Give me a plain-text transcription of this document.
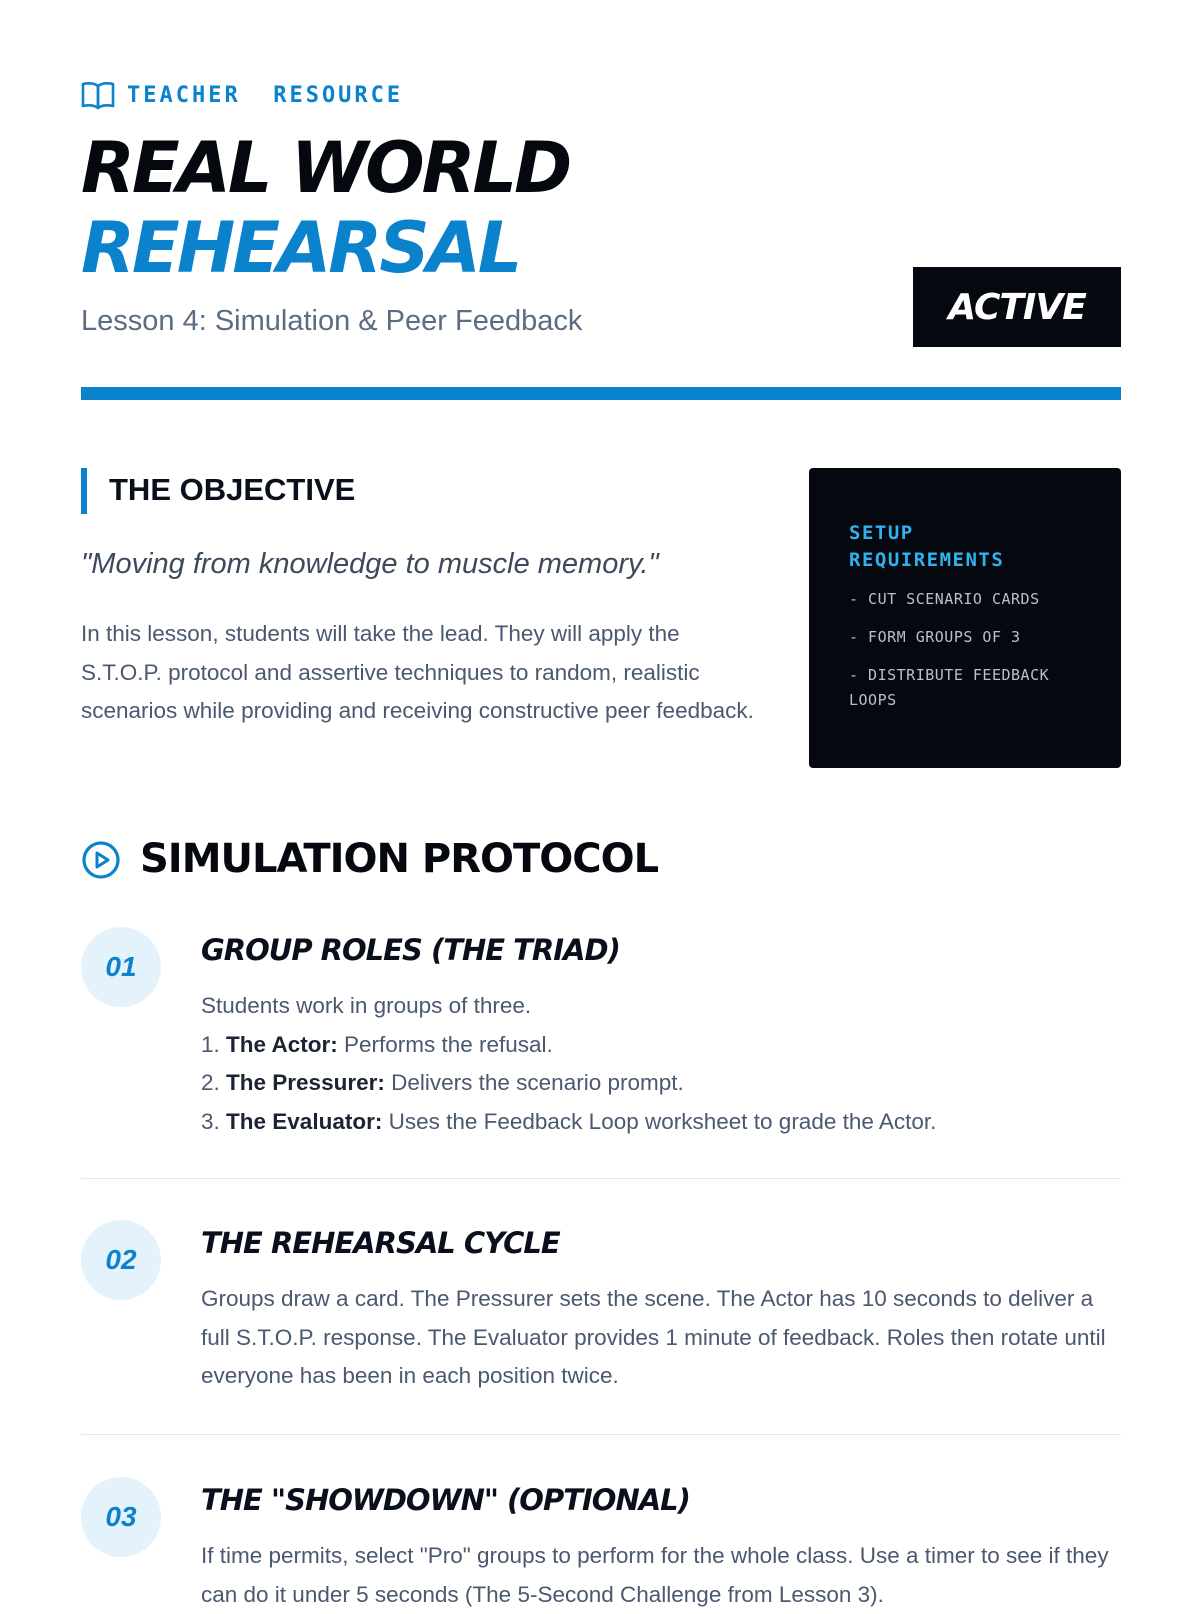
TEACHER  RESOURCE
REAL WORLD
REHEARSAL
Lesson 4: Simulation & Peer Feedback	ACTIVE
THE OBJECTIVE
"Moving from knowledge to muscle memory."
In this lesson, students will take the lead. They will apply the S.T.O.P. protocol and assertive techniques to random, realistic scenarios while providing and receiving constructive peer feedback.
SETUP REQUIREMENTS
- CUT SCENARIO CARDS
- FORM GROUPS OF 3
- DISTRIBUTE FEEDBACK LOOPS
SIMULATION PROTOCOL
01	GROUP ROLES (THE TRIAD)
Students work in groups of three.
1. The Actor: Performs the refusal.
2. The Pressurer: Delivers the scenario prompt.
3. The Evaluator: Uses the Feedback Loop worksheet to grade the Actor.
02	THE REHEARSAL CYCLE
Groups draw a card. The Pressurer sets the scene. The Actor has 10 seconds to deliver a full S.T.O.P. response. The Evaluator provides 1 minute of feedback. Roles then rotate until everyone has been in each position twice.
03	THE "SHOWDOWN" (OPTIONAL)
If time permits, select "Pro" groups to perform for the whole class. Use a timer to see if they can do it under 5 seconds (The 5-Second Challenge from Lesson 3).
